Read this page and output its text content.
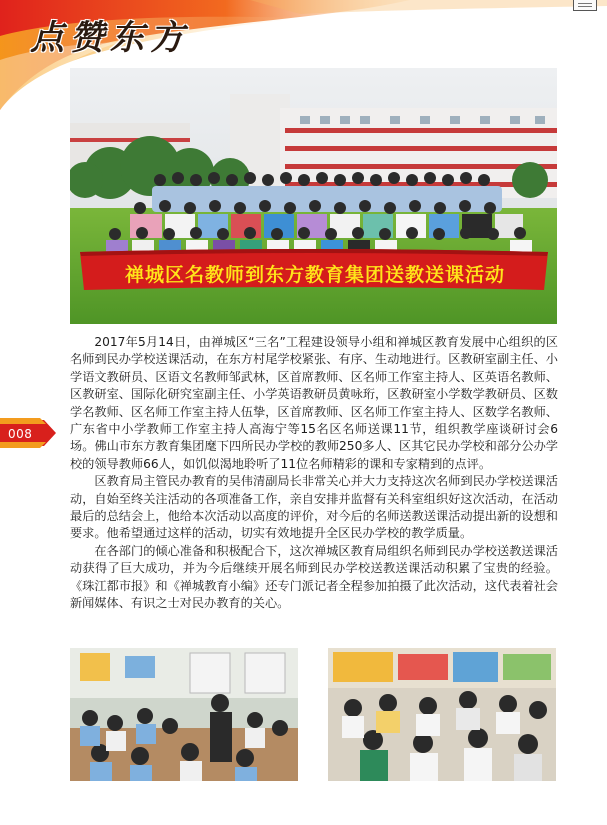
点赞东方
禅城区名教师到东方教育集团送教送课活动
008

2017年5月14日，由禅城区“三名”工程建设领导小组和禅城区教育发展中心组织的区名师到民办学校送课活动，在东方村尾学校紧张、有序、生动地进行。区教研室副主任、小学语文教研员、区语文名教师邹武林，区首席教师、区名师工作室主持人、区英语名教师、区教研室、国际化研究室副主任、小学英语教研员黄咏珩，区教研室小学数学教研员、区数学名教师、区名师工作室主持人伍挚，区首席教师、区名师工作室主持人、区数学名教师、广东省中小学教师工作室主持人高海宁等15名区名师送课11节，组织教学座谈研讨会6场。佛山市东方教育集团麾下四所民办学校的教师250多人、区其它民办学校和部分公办学校的领导教师66人，如饥似渴地聆听了11位名师精彩的课和专家精到的点评。

区教育局主管民办教育的吴伟清副局长非常关心并大力支持这次名师到民办学校送课活动，自始至终关注活动的各项准备工作，亲自安排并监督有关科室组织好这次活动，在活动最后的总结会上，他给本次活动以高度的评价，对今后的名师送教送课活动提出新的设想和要求。他希望通过这样的活动，切实有效地提升全区民办学校的教学质量。

在各部门的倾心准备和积极配合下，这次禅城区教育局组织名师到民办学校送教送课活动获得了巨大成功，并为今后继续开展名师到民办学校送教送课活动积累了宝贵的经验。《珠江都市报》和《禅城教育小编》还专门派记者全程参加拍摄了此次活动，这代表着社会新闻媒体、有识之士对民办教育的关心。
